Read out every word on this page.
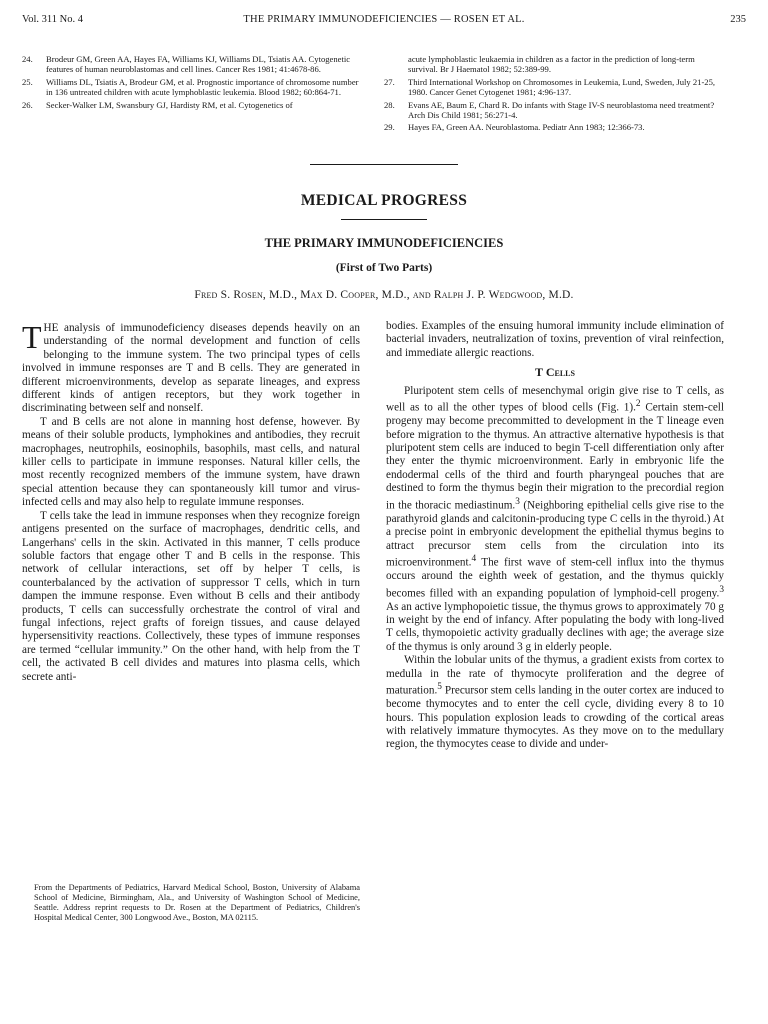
Vol. 311 No. 4	THE PRIMARY IMMUNODEFICIENCIES — ROSEN ET AL.	235
24.	Brodeur GM, Green AA, Hayes FA, Williams KJ, Williams DL, Tsiatis AA. Cytogenetic features of human neuroblastomas and cell lines. Cancer Res 1981; 41:4678-86.
25.	Williams DL, Tsiatis A, Brodeur GM, et al. Prognostic importance of chromosome number in 136 untreated children with acute lymphoblastic leukemia. Blood 1982; 60:864-71.
26.	Secker-Walker LM, Swansbury GJ, Hardisty RM, et al. Cytogenetics of
acute lymphoblastic leukaemia in children as a factor in the prediction of long-term survival. Br J Haematol 1982; 52:389-99.
27.	Third International Workshop on Chromosomes in Leukemia, Lund, Sweden, July 21-25, 1980. Cancer Genet Cytogenet 1981; 4:96-137.
28.	Evans AE, Baum E, Chard R. Do infants with Stage IV-S neuroblastoma need treatment? Arch Dis Child 1981; 56:271-4.
29.	Hayes FA, Green AA. Neuroblastoma. Pediatr Ann 1983; 12:366-73.
MEDICAL PROGRESS
THE PRIMARY IMMUNODEFICIENCIES
(First of Two Parts)
Fred S. Rosen, M.D., Max D. Cooper, M.D., and Ralph J. P. Wedgwood, M.D.

THE analysis of immunodeficiency diseases depends heavily on an understanding of the normal development and function of cells belonging to the immune system. The two principal types of cells involved in immune responses are T and B cells. They are generated in different microenvironments, develop as separate lineages, and express different kinds of antigen receptors, but they work together in discriminating between self and nonself.

T and B cells are not alone in manning host defense, however. By means of their soluble products, lymphokines and antibodies, they recruit macrophages, neutrophils, eosinophils, basophils, mast cells, and natural killer cells to participate in immune responses. Natural killer cells, the most recently recognized members of the immune system, have drawn special attention because they can spontaneously kill tumor and virus-infected cells and may also help to regulate immune responses.

T cells take the lead in immune responses when they recognize foreign antigens presented on the surface of macrophages, dendritic cells, and Langerhans' cells in the skin. Activated in this manner, T cells produce soluble factors that engage other T and B cells in the response. This network of cellular interactions, set off by helper T cells, is counterbalanced by the activation of suppressor T cells, which in turn dampen the immune response. Even without B cells and their antibody products, T cells can successfully orchestrate the control of viral and fungal infections, reject grafts of foreign tissues, and cause delayed hypersensitivity reactions. Collectively, these types of immune responses are termed “cellular immunity.” On the other hand, with help from the T cell, the activated B cell divides and matures into plasma cells, which secrete anti-

bodies. Examples of the ensuing humoral immunity include elimination of bacterial invaders, neutralization of toxins, prevention of viral reinfection, and immediate allergic reactions.

T Cells

Pluripotent stem cells of mesenchymal origin give rise to T cells, as well as to all the other types of blood cells (Fig. 1).$^2$ Certain stem-cell progeny may become precommitted to development in the T lineage even before migration to the thymus. An attractive alternative hypothesis is that pluripotent stem cells are induced to begin T-cell differentiation only after they enter the thymic microenvironment. Early in embryonic life the endodermal cells of the third and fourth pharyngeal pouches that are destined to form the thymus begin their migration to the precordial region in the thoracic mediastinum.$^3$ (Neighboring epithelial cells give rise to the parathyroid glands and calcitonin-producing type C cells in the thyroid.) At a precise point in embryonic development the epithelial thymus begins to attract precursor stem cells from the circulation into its microenvironment.$^4$ The first wave of stem-cell influx into the thymus occurs around the eighth week of gestation, and the thymus quickly becomes filled with an expanding population of lymphoid-cell progeny.$^3$ As an active lymphopoietic tissue, the thymus grows to approximately 70 g in weight by the end of infancy. After populating the body with long-lived T cells, thymopoietic activity gradually declines with age; the average size of the thymus is only around 3 g in elderly people.

Within the lobular units of the thymus, a gradient exists from cortex to medulla in the rate of thymocyte proliferation and the degree of maturation.$^5$ Precursor stem cells landing in the outer cortex are induced to become thymocytes and to enter the cell cycle, dividing every 8 to 10 hours. This population explosion leads to crowding of the cortical areas with relatively immature thymocytes. As they move on to the medullary region, the thymocytes cease to divide and under-

From the Departments of Pediatrics, Harvard Medical School, Boston, University of Alabama School of Medicine, Birmingham, Ala., and University of Washington School of Medicine, Seattle. Address reprint requests to Dr. Rosen at the Department of Pediatrics, Children's Hospital Medical Center, 300 Longwood Ave., Boston, MA 02115.
